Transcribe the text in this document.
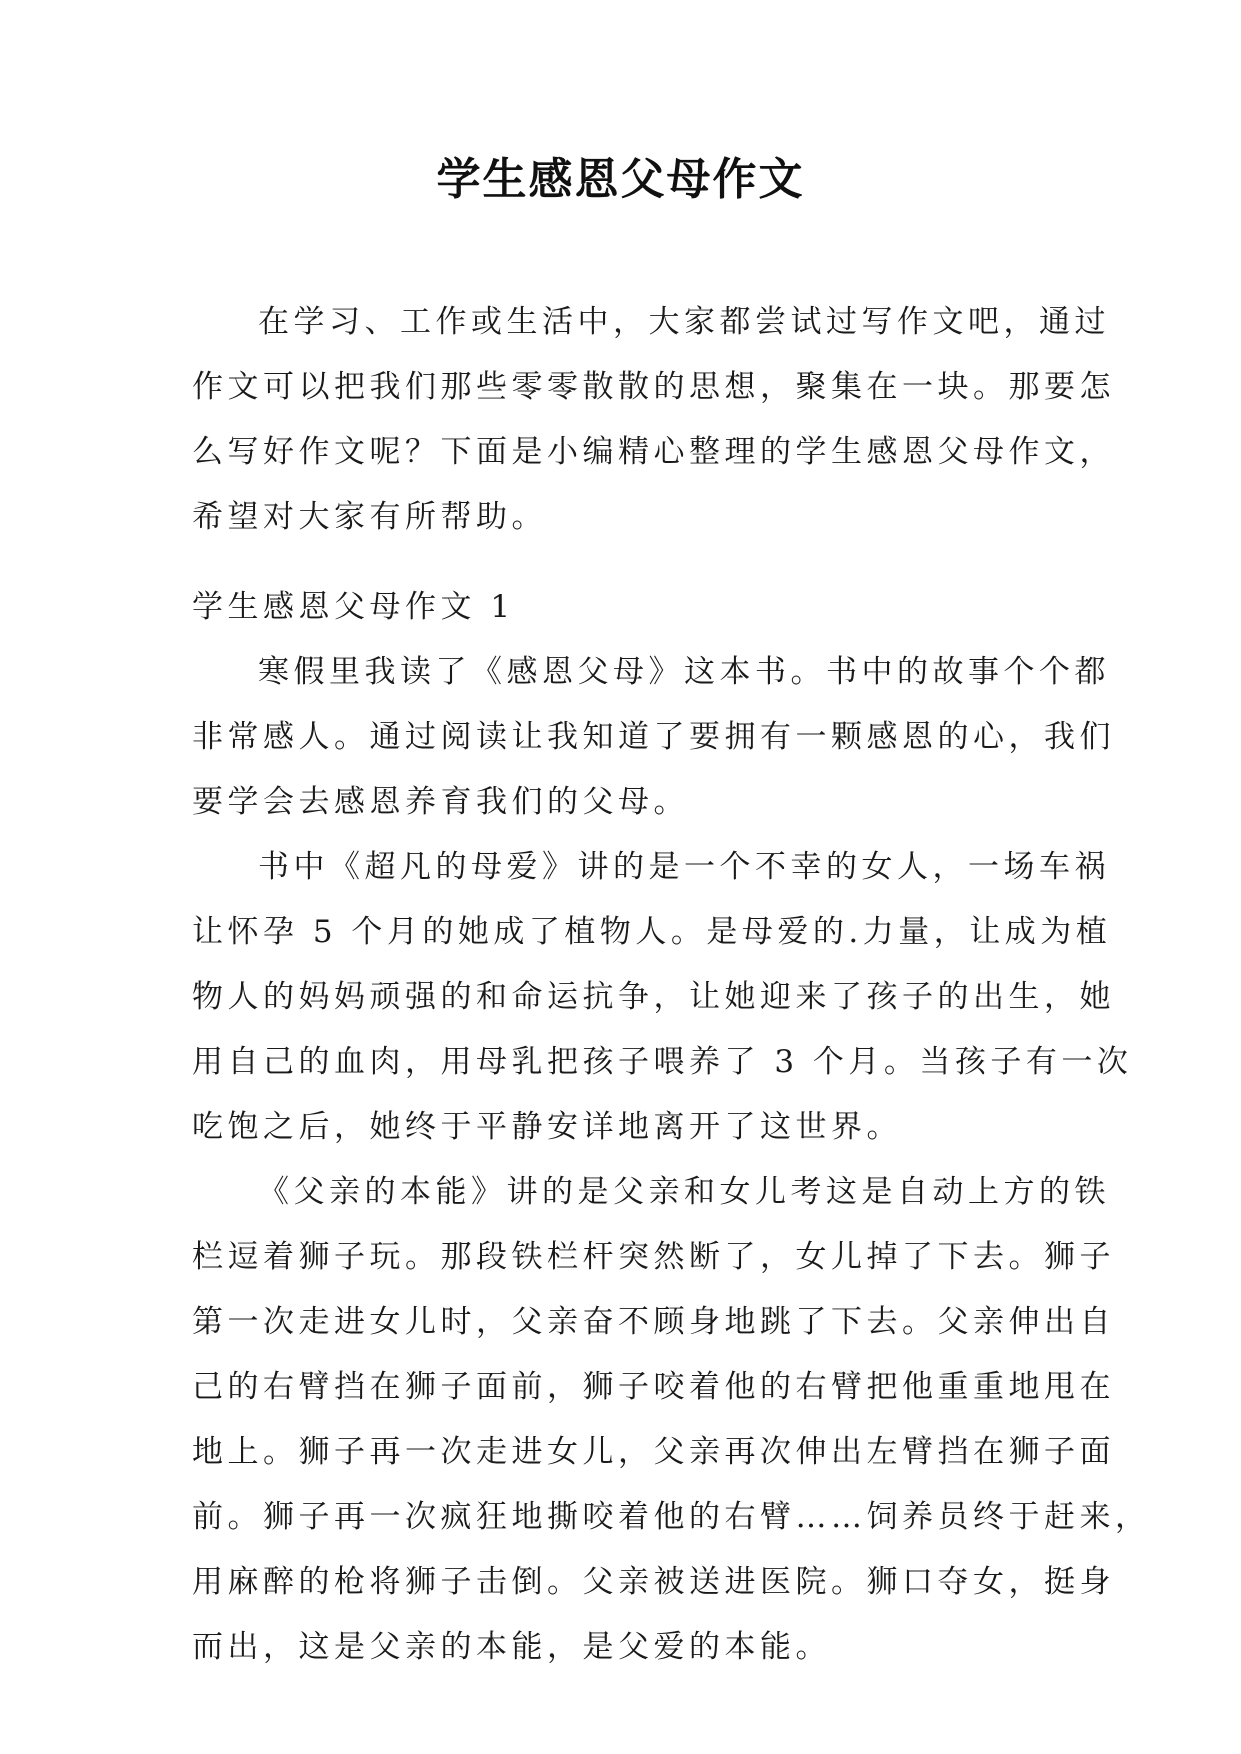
学生感恩父母作文
在学习、工作或生活中，大家都尝试过写作文吧，通过
作文可以把我们那些零零散散的思想，聚集在一块。那要怎
么写好作文呢？下面是小编精心整理的学生感恩父母作文，
希望对大家有所帮助。
学生感恩父母作文 1
寒假里我读了《感恩父母》这本书。书中的故事个个都
非常感人。通过阅读让我知道了要拥有一颗感恩的心，我们
要学会去感恩养育我们的父母。
书中《超凡的母爱》讲的是一个不幸的女人，一场车祸
让怀孕 5 个月的她成了植物人。是母爱的.力量，让成为植
物人的妈妈顽强的和命运抗争，让她迎来了孩子的出生，她
用自己的血肉，用母乳把孩子喂养了 3 个月。当孩子有一次
吃饱之后，她终于平静安详地离开了这世界。
《父亲的本能》讲的是父亲和女儿考这是自动上方的铁
栏逗着狮子玩。那段铁栏杆突然断了，女儿掉了下去。狮子
第一次走进女儿时，父亲奋不顾身地跳了下去。父亲伸出自
己的右臂挡在狮子面前，狮子咬着他的右臂把他重重地甩在
地上。狮子再一次走进女儿，父亲再次伸出左臂挡在狮子面
前。狮子再一次疯狂地撕咬着他的右臂……饲养员终于赶来，
用麻醉的枪将狮子击倒。父亲被送进医院。狮口夺女，挺身
而出，这是父亲的本能，是父爱的本能。
